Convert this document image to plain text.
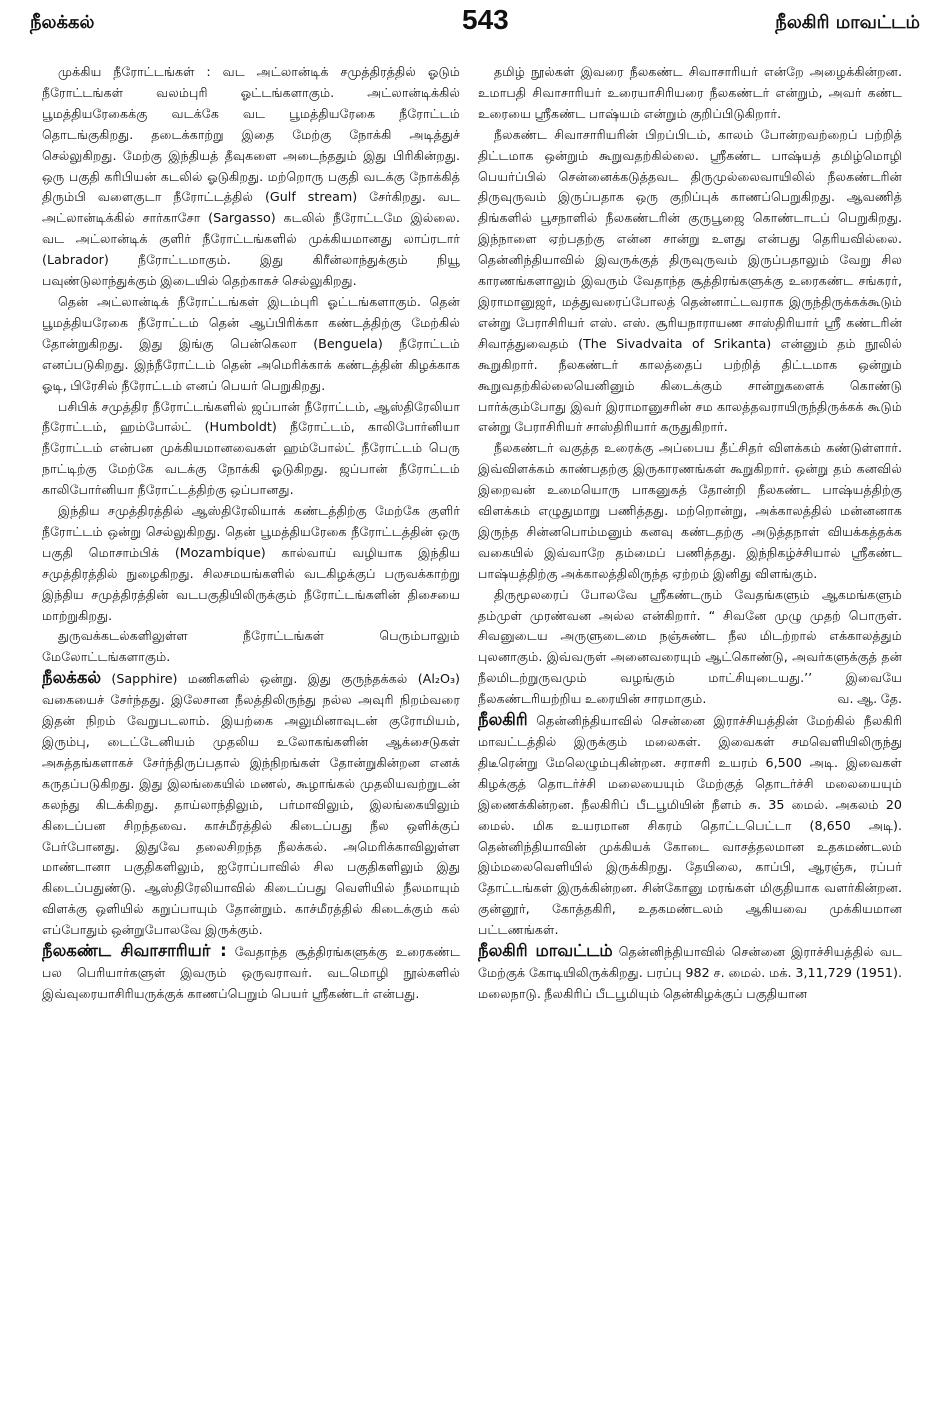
நீலக்கல்	543	நீலகிரி மாவட்டம்

முக்கிய நீரோட்டங்கள் : வட அட்லான்டிக் சமுத்திரத்தில் ஓடும் நீரோட்டங்கள் வலம்புரி ஓட்டங்களாகும். அட்லான்டிக்கில் பூமத்தியரேகைக்கு வடக்கே வட பூமத்தியரேகை நீரோட்டம் தொடங்குகிறது. தடைக்காற்று இதை மேற்கு நோக்கி அடித்துச் செல்லுகிறது. மேற்கு இந்தியத் தீவுகளை அடைந்ததும் இது பிரிகின்றது. ஒரு பகுதி கரிபியன் கடலில் ஓடுகிறது. மற்றொரு பகுதி வடக்கு நோக்கித் திரும்பி வளைகுடா நீரோட்டத்தில் (Gulf stream) சேர்கிறது. வட அட்லான்டிக்கில் சார்காசோ (Sargasso) கடலில் நீரோட்டமே இல்லை. வட அட்லான்டிக் குளிர் நீரோட்டங்களில் முக்கியமானது லாப்ரடார் (Labrador) நீரோட்டமாகும். இது கிரீன்லாந்துக்கும் நியூ பவுண்டுலாந்துக்கும் இடையில் தெற்காகச் செல்லுகிறது.

தென் அட்லான்டிக் நீரோட்டங்கள் இடம்புரி ஓட்டங்களாகும். தென் பூமத்தியரேகை நீரோட்டம் தென் ஆப்பிரிக்கா கண்டத்திற்கு மேற்கில் தோன்றுகிறது. இது இங்கு பென்கெலா (Benguela) நீரோட்டம் எனப்படுகிறது. இந்நீரோட்டம் தென் அமெரிக்காக் கண்டத்தின் கிழக்காக ஓடி, பிரேசில் நீரோட்டம் எனப் பெயர் பெறுகிறது.

பசிபிக் சமுத்திர நீரோட்டங்களில் ஜப்பான் நீரோட்டம், ஆஸ்திரேலியா நீரோட்டம், ஹம்போல்ட் (Humboldt) நீரோட்டம், காலிபோர்னியா நீரோட்டம் என்பன முக்கியமானவைகள் ஹம்போல்ட் நீரோட்டம் பெரு நாட்டிற்கு மேற்கே வடக்கு நோக்கி ஓடுகிறது. ஜப்பான் நீரோட்டம் காலிபோர்னியா நீரோட்டத்திற்கு ஒப்பானது.

இந்திய சமுத்திரத்தில் ஆஸ்திரேலியாக் கண்டத்திற்கு மேற்கே குளிர் நீரோட்டம் ஒன்று செல்லுகிறது. தென் பூமத்தியரேகை நீரோட்டத்தின் ஒரு பகுதி மொசாம்பிக் (Mozambique) கால்வாய் வழியாக இந்திய சமுத்திரத்தில் நுழைகிறது. சிலசமயங்களில் வடகிழக்குப் பருவக்காற்று இந்திய சமுத்திரத்தின் வடபகுதியிலிருக்கும் நீரோட்டங்களின் திசையை மாற்றுகிறது.

துருவக்கடல்களிலுள்ள நீரோட்டங்கள் பெரும்பாலும் மேலோட்டங்களாகும்.

நீலக்கல் (Sapphire) மணிகளில் ஒன்று. இது குருந்தக்கல் (Al₂O₃) வகையைச் சேர்ந்தது. இலேசான நீலத்திலிருந்து நல்ல அவுரி நிறம்வரை இதன் நிறம் வேறுபடலாம். இயற்கை அலுமினாவுடன் குரோமியம், இரும்பு, டைட்டேனியம் முதலிய உலோகங்களின் ஆக்சைடுகள் அசுத்தங்களாகச் சேர்ந்திருப்பதால் இந்நிறங்கள் தோன்றுகின்றன எனக் கருதப்படுகிறது. இது இலங்கையில் மணல், கூழாங்கல் முதலியவற்றுடன் கலந்து கிடக்கிறது. தாய்லாந்திலும், பர்மாவிலும், இலங்கையிலும் கிடைப்பன சிறந்தவை. காச்மீரத்தில் கிடைப்பது நீல ஒளிக்குப் பேர்போனது. இதுவே தலைசிறந்த நீலக்கல். அமெரிக்காவிலுள்ள மாண்டானா பகுதிகளிலும், ஐரோப்பாவில் சில பகுதிகளிலும் இது கிடைப்பதுண்டு. ஆஸ்திரேலியாவில் கிடைப்பது வெளியில் நீலமாயும் விளக்கு ஒளியில் கறுப்பாயும் தோன்றும். காச்மீரத்தில் கிடைக்கும் கல் எப்போதும் ஒன்றுபோலவே இருக்கும்.

நீலகண்ட சிவாசாரியர் : வேதாந்த சூத்திரங்களுக்கு உரைகண்ட பல பெரியார்களுள் இவரும் ஒருவராவர். வடமொழி நூல்களில் இவ்வுரையாசிரியருக்குக் காணப்பெறும் பெயர் ஸ்ரீகண்டர் என்பது.

தமிழ் நூல்கள் இவரை நீலகண்ட சிவாசாரியர் என்றே அழைக்கின்றன. உமாபதி சிவாசாரியர் உரையாசிரியரை நீலகண்டர் என்றும், அவர் கண்ட உரையை ஸ்ரீகண்ட பாஷ்யம் என்றும் குறிப்பிடுகிறார்.

நீலகண்ட சிவாசாரியரின் பிறப்பிடம், காலம் போன்றவற்றைப் பற்றித் திட்டமாக ஒன்றும் கூறுவதற்கில்லை. ஸ்ரீகண்ட பாஷ்யத் தமிழ்மொழி பெயர்ப்பில் சென்னைக்கடுத்தவட திருமுல்லைவாயிலில் நீலகண்டரின் திருவுருவம் இருப்பதாக ஒரு குறிப்புக் காணப்பெறுகிறது. ஆவணித் திங்களில் பூசநாளில் நீலகண்டரின் குருபூஜை கொண்டாடப் பெறுகிறது. இந்நாளை ஏற்பதற்கு என்ன சான்று உளது என்பது தெரியவில்லை. தென்னிந்தியாவில் இவருக்குத் திருவுருவம் இருப்பதாலும் வேறு சில காரணங்களாலும் இவரும் வேதாந்த சூத்திரங்களுக்கு உரைகண்ட சங்கரர், இராமானுஜர், மத்துவரைப்போலத் தென்னாட்டவராக இருந்திருக்கக்கூடும் என்று பேராசிரியர் எஸ். எஸ். சூரியநாராயண சாஸ்திரியார் ஸ்ரீ கண்டரின் சிவாத்துவைதம் (The Sivadvaita of Srikanta) என்னும் தம் நூலில் கூறுகிறார். நீலகண்டர் காலத்தைப் பற்றித் திட்டமாக ஒன்றும் கூறுவதற்கில்லையெனினும் கிடைக்கும் சான்றுகளைக் கொண்டு பார்க்கும்போது இவர் இராமானுசரின் சம காலத்தவராயிருந்திருக்கக் கூடும் என்று பேராசிரியர் சாஸ்திரியார் கருதுகிறார்.

நீலகண்டர் வகுத்த உரைக்கு அப்பைய தீட்சிதர் விளக்கம் கண்டுள்ளார். இவ்விளக்கம் காண்பதற்கு இருகாரணங்கள் கூறுகிறார். ஒன்று தம் கனவில் இறைவன் உமையொரு பாகனுகத் தோன்றி நீலகண்ட பாஷ்யத்திற்கு விளக்கம் எழுதுமாறு பணித்தது. மற்றொன்று, அக்காலத்தில் மன்னனாக இருந்த சின்னபொம்மனும் கனவு கண்டதற்கு அடுத்தநாள் வியக்கத்தக்க வகையில் இவ்வாறே தம்மைப் பணித்தது. இந்நிகழ்ச்சியால் ஸ்ரீகண்ட பாஷ்யத்திற்கு அக்காலத்திலிருந்த ஏற்றம் இனிது விளங்கும்.

திருமூலரைப் போலவே ஸ்ரீகண்டரும் வேதங்களும் ஆகமங்களும் தம்முள் முரண்வன அல்ல என்கிறார். “ சிவனே முழு முதற் பொருள். சிவனுடைய அருளுடைமை நஞ்சுண்ட நீல மிடற்றால் எக்காலத்தும் புலனாகும். இவ்வருள் அனைவரையும் ஆட்கொண்டு, அவர்களுக்குத் தன் நீலமிடற்றுருவமும் வழங்கும் மாட்சியுடையது.’’ இவையே நீலகண்டரியற்றிய உரையின் சாரமாகும்.	வ. ஆ. தே.

நீலகிரி தென்னிந்தியாவில் சென்னை இராச்சியத்தின் மேற்கில் நீலகிரி மாவட்டத்தில் இருக்கும் மலைகள். இவைகள் சமவெளியிலிருந்து திடீரென்று மேலெழும்புகின்றன. சராசரி உயரம் 6,500 அடி. இவைகள் கிழக்குத் தொடர்ச்சி மலையையும் மேற்குத் தொடர்ச்சி மலையையும் இணைக்கின்றன. நீலகிரிப் பீடபூமியின் நீளம் சு. 35 மைல். அகலம் 20 மைல். மிக உயரமான சிகரம் தொட்டபெட்டா (8,650 அடி). தென்னிந்தியாவின் முக்கியக் கோடை வாசத்தலமான உதகமண்டலம் இம்மலைவெளியில் இருக்கிறது. தேயிலை, காப்பி, ஆரஞ்சு, ரப்பர் தோட்டங்கள் இருக்கின்றன. சின்கோனு மரங்கள் மிகுதியாக வளர்கின்றன. குன்னூர், கோத்தகிரி, உதகமண்டலம் ஆகியவை முக்கியமான பட்டணங்கள்.

நீலகிரி மாவட்டம் தென்னிந்தியாவில் சென்னை இராச்சியத்தில் வட மேற்குக் கோடியிலிருக்கிறது. பரப்பு 982 ச. மைல். மக். 3,11,729 (1951). மலைநாடு. நீலகிரிப் பீடபூமியும் தென்கிழக்குப் பகுதியான
